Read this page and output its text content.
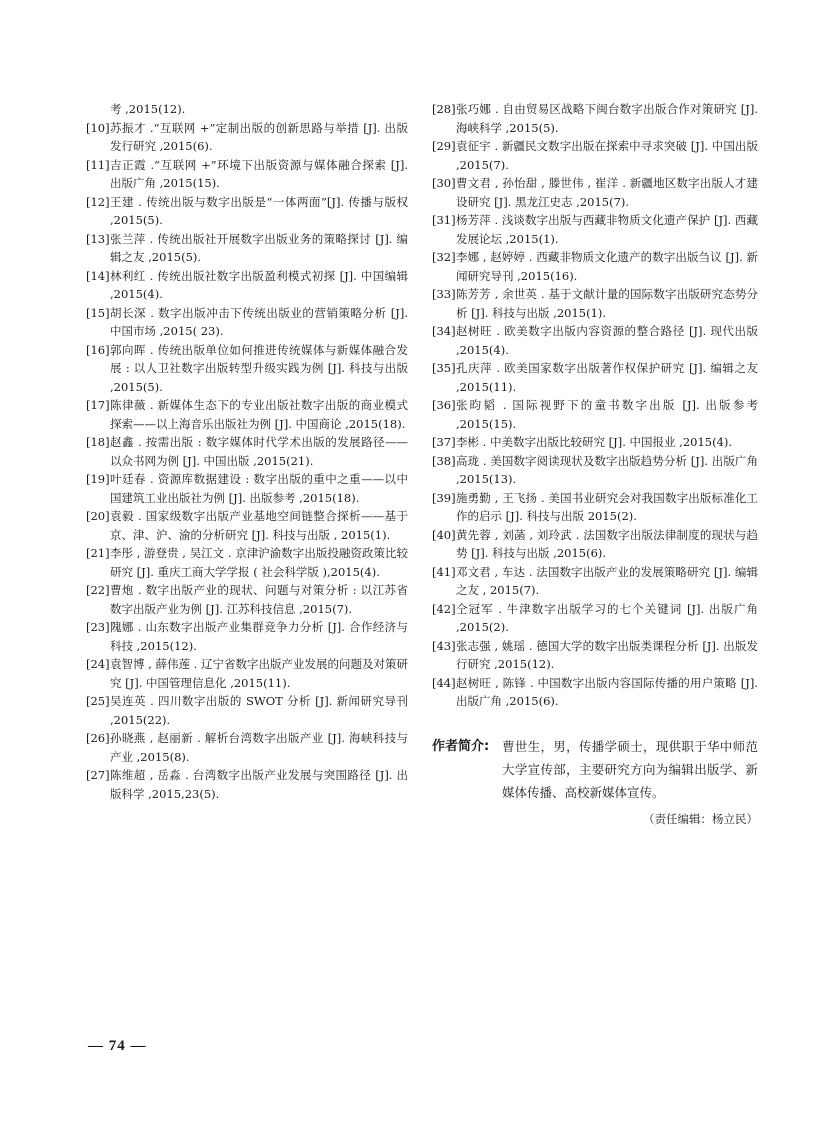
考 ,2015(12).
[10] 苏振才 .“互联网 +”定制出版的创新思路与举措 [J]. 出版发行研究 ,2015(6).
[11] 吉正霞 .“互联网 +”环境下出版资源与媒体融合探索 [J]. 出版广角 ,2015(15).
[12] 王建 . 传统出版与数字出版是“一体两面”[J]. 传播与版权 ,2015(5).
[13] 张兰萍 . 传统出版社开展数字出版业务的策略探讨 [J]. 编辑之友 ,2015(5).
[14] 林利红 . 传统出版社数字出版盈利模式初探 [J]. 中国编辑 ,2015(4).
[15] 胡长深 . 数字出版冲击下传统出版业的营销策略分析 [J]. 中国市场 ,2015( 23).
[16] 郭向晖 . 传统出版单位如何推进传统媒体与新媒体融合发展 : 以人卫社数字出版转型升级实践为例 [J]. 科技与出版 ,2015(5).
[17] 陈律薇 . 新媒体生态下的专业出版社数字出版的商业模式探索——以上海音乐出版社为例 [J]. 中国商论 ,2015(18).
[18] 赵鑫 . 按需出版 : 数字媒体时代学术出版的发展路径——以众书网为例 [J]. 中国出版 ,2015(21).
[19] 叶廷春 . 资源库数据建设 : 数字出版的重中之重——以中国建筑工业出版社为例 [J]. 出版参考 ,2015(18).
[20] 袁毅 . 国家级数字出版产业基地空间链整合探析——基于京、津、沪、渝的分析研究 [J]. 科技与出版 , 2015(1).
[21] 李彤 , 游登贵 , 吴江文 . 京津沪渝数字出版投融资政策比较研究 [J]. 重庆工商大学学报 ( 社会科学版 ),2015(4).
[22] 曹炮 . 数字出版产业的现状、问题与对策分析 : 以江苏省数字出版产业为例 [J]. 江苏科技信息 ,2015(7).
[23] 隗娜 . 山东数字出版产业集群竞争力分析 [J]. 合作经济与科技 ,2015(12).
[24] 袁智博 , 薛伟莲 . 辽宁省数字出版产业发展的问题及对策研究 [J]. 中国管理信息化 ,2015(11).
[25] 吴连英 . 四川数字出版的 SWOT 分析 [J]. 新闻研究导刊 ,2015(22).
[26] 孙晓燕 , 赵丽新 . 解析台湾数字出版产业 [J]. 海峡科技与产业 ,2015(8).
[27] 陈维超 , 岳淼 . 台湾数字出版产业发展与突围路径 [J]. 出版科学 ,2015,23(5).
[28] 张巧娜 . 自由贸易区战略下闽台数字出版合作对策研究 [J]. 海峡科学 ,2015(5).
[29] 袁征宇 . 新疆民文数字出版在探索中寻求突破 [J]. 中国出版 ,2015(7).
[30] 曹文君 , 孙怡甜 , 滕世伟 , 崔洋 . 新疆地区数字出版人才建设研究 [J]. 黑龙江史志 ,2015(7).
[31] 杨芳萍 . 浅谈数字出版与西藏非物质文化遗产保护 [J]. 西藏发展论坛 ,2015(1).
[32] 李娜 , 赵婷婷 . 西藏非物质文化遗产的数字出版刍议 [J]. 新闻研究导刊 ,2015(16).
[33] 陈芳芳 , 余世英 . 基于文献计量的国际数字出版研究态势分析 [J]. 科技与出版 ,2015(1).
[34] 赵树旺 . 欧美数字出版内容资源的整合路径 [J]. 现代出版 ,2015(4).
[35] 孔庆萍 . 欧美国家数字出版著作权保护研究 [J]. 编辑之友 ,2015(11).
[36] 张昀韬 . 国际视野下的童书数字出版 [J]. 出版参考 ,2015(15).
[37] 李彬 . 中美数字出版比较研究 [J]. 中国报业 ,2015(4).
[38] 高珑 . 美国数字阅读现状及数字出版趋势分析 [J]. 出版广角 ,2015(13).
[39] 施勇勤 , 王飞扬 . 美国书业研究会对我国数字出版标准化工作的启示 [J]. 科技与出版 2015(2).
[40] 黄先蓉 , 刘菡 , 刘玲武 . 法国数字出版法律制度的现状与趋势 [J]. 科技与出版 ,2015(6).
[41] 邓文君 , 车达 . 法国数字出版产业的发展策略研究 [J]. 编辑之友 , 2015(7).
[42] 仝冠军 . 牛津数字出版学习的七个关键词 [J]. 出版广角 ,2015(2).
[43] 张志强 , 姚瑶 . 德国大学的数字出版类课程分析 [J]. 出版发行研究 ,2015(12).
[44] 赵树旺 , 陈锋 . 中国数字出版内容国际传播的用户策略 [J]. 出版广角 ,2015(6).
作者简介:	曹世生，男，传播学硕士，现供职于华中师范大学宣传部，主要研究方向为编辑出版学、新媒体传播、高校新媒体宣传。
（责任编辑：杨立民）
— 74 —
